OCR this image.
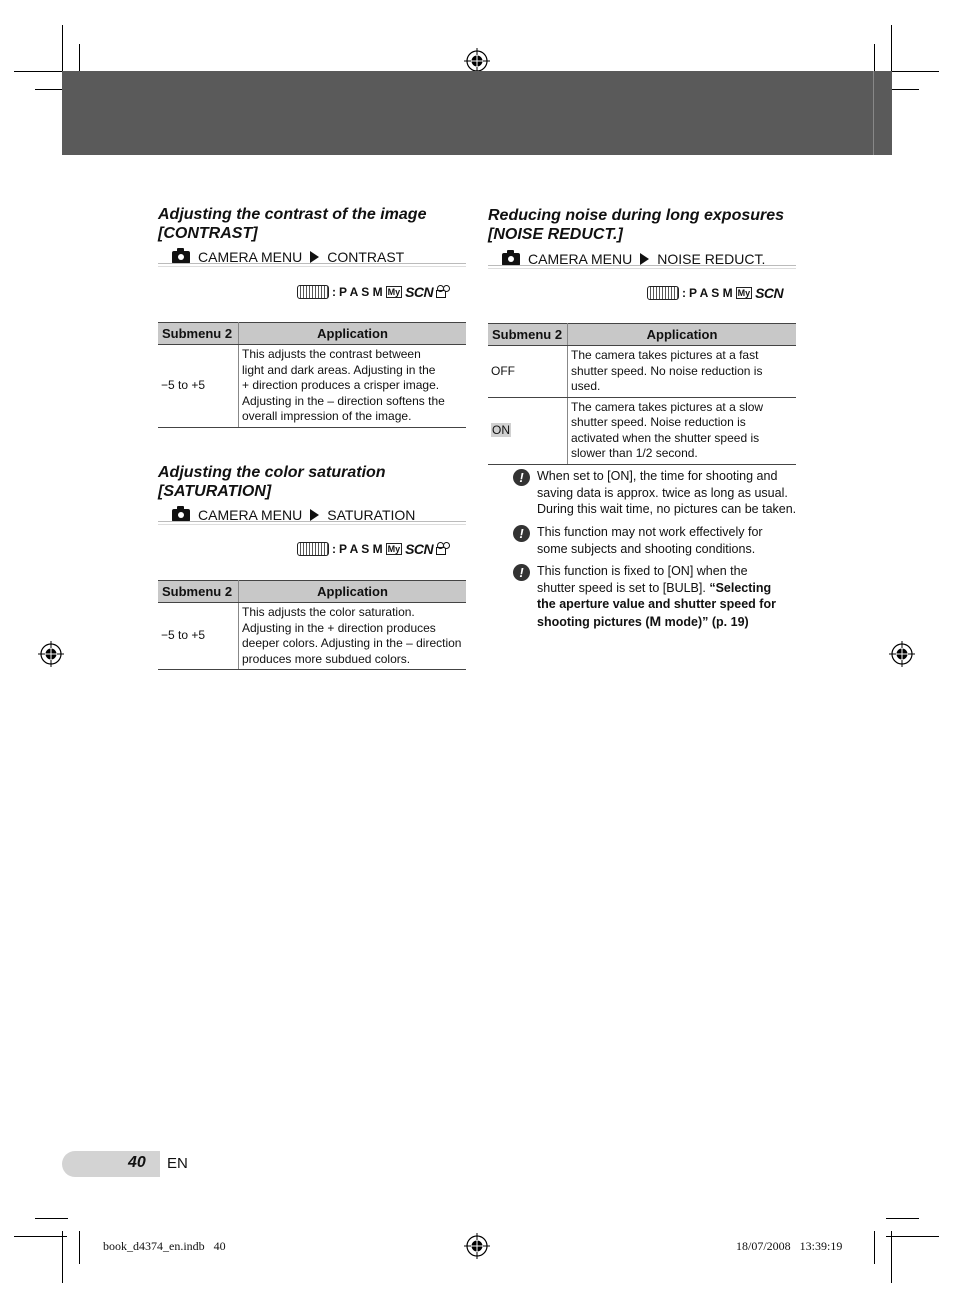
Adjusting the contrast of the image
[CONTRAST]
CAMERA MENU CONTRAST
: P A S M My SCN
Submenu 2	Application
−5 to +5	This adjusts the contrast between
light and dark areas. Adjusting in the
+ direction produces a crisper image.
Adjusting in the – direction softens the
overall impression of the image.
Adjusting the color saturation
[SATURATION]
CAMERA MENU SATURATION
: P A S M My SCN
Submenu 2	Application
−5 to +5	This adjusts the color saturation.
Adjusting in the + direction produces
deeper colors. Adjusting in the – direction
produces more subdued colors.
Reducing noise during long exposures
[NOISE REDUCT.]
CAMERA MENU NOISE REDUCT.
: P A S M My SCN
Submenu 2	Application
OFF	The camera takes pictures at a fast
shutter speed. No noise reduction is used.

ON	The camera takes pictures at a slow
shutter speed. Noise reduction is
activated when the shutter speed is
slower than 1/2 second.
!	When set to [ON], the time for shooting and
saving data is approx. twice as long as usual.
During this wait time, no pictures can be taken.
!	This function may not work effectively for
some subjects and shooting conditions.
!	This function is fixed to [ON] when the
shutter speed is set to [BULB]. “Selecting
the aperture value and shutter speed for
shooting pictures (M mode)” (p. 19)
40 EN
book_d4374_en.indb   40	18/07/2008   13:39:19
